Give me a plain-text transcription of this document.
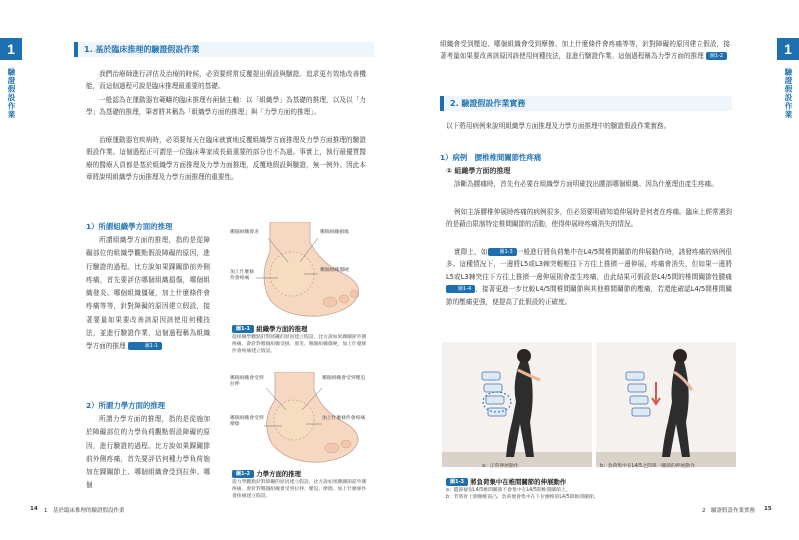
1
驗證假設作業
1. 基於臨床推理的驗證假設作業
我們治療師進行評估及治療的時候，必須要經常反覆提出假設與驗證。追求更有效地改善機能，而這個過程可說是臨床推理最重要的基礎。
一般認為在運動器官範疇的臨床推理有兩個主軸：以「組織學」為基礎的推理，以及以「力學」為基礎的推理，筆者將其稱為「組織學方面的推理」與「力學方面的推理」。
治療運動器官疾病時，必須要每天在臨床就實地反覆組織學方面推理及力學方面推理的驗證假設作業。這個過程正可謂是一位臨床專家成長最重要的部分也不為過。事實上，執行最優質醫療的醫療人員都是基於組織學方面推理及力學力面推理，反覆地假設與驗證，無一例外。因此本章將說明組織學方面推理及力學方面推理的重要性。
1）所謂組織學方面的推理
所謂組織學方面的推理，指的是從障礙部位的組織學觀點假設障礙的原因，進行驗證的過程。比方說如果踝關節前外側疼痛，首先要評估哪個組織損傷，哪個組織發炎、哪個組織僵硬，加上什麼條件會疼痛等等，針對障礙的原因建立假設，接著要量如果要改善該原因該使用何種技法，並進行驗證作業，這個過程稱為組織學方面的推理	圖1-1
2）所謂力學方面的推理
所謂力學方面的推理，指的是從施加於障礙部位的力學負荷觀點假設障礙的原因，進行驗證的過程。比方說如果踝關節前外側疼痛，首先要評估何種力學負荷施加在踝關節上、哪個組織會受到拉伸、哪個
哪個組織發炎	哪個組織損傷
加上什麼條件會疼痛
哪個組織僵硬
圖1-1 組織學方面的推理
從組織學觀點針對障礙的原因建立假設，比方說如果踝關節外側疼痛，會針對哪個組織受損、發炎、哪個組織僵硬，加上什麼條件會疼痛建立假設。
哪個組織會受到拉伸
哪個組織會受到壓迫
哪個組織會受到摩擦
加上什麼條件會疼痛
圖1-2 力學方面的推理
從力學觀點針對障礙的原因建立假設，比方說如果踝關節前外側疼痛，會針對哪個組織會受到拉伸、壓迫、摩擦，加上什麼條件會疼痛建立假設。
14 1　基於臨床推理的驗證假設作業
1
驗證假設作業
組織會受到壓迫、哪個組織會受到摩擦、加上什麼條件會疼痛等等，針對障礙的原因建立假設，接著考量如果要改善該原因該使用何種技法，並進行驗證作業。這個過程稱為力學方面的推理 圖1-2
2. 驗證假設作業實務
以下將用病例來說明組織學方面推理及力學方面推理中的驗證假設作業實務。
1）病例　腰椎椎間關節性疼痛
① 組織學方面的推理
診斷為腰痛時，首先有必要在組織學方面明確找出腰部哪個組織、因為什麼理由產生疼痛。
例如主訴腰椎伸展時疼痛的病例很多，但必須要明確知道伸展時是何者在疼痛。臨床上經常遇到的是藉由限制特定椎間關節的活動，使得伸展時疼痛消失的情況。
實際上，如 圖1-3 一般進行將負荷集中在L4/5間椎間關節的伸展動作時，誘發疼痛的病例很多。這種情況下，一邊將L5或L3棘突輕輕往下方往上推擠一邊伸展，疼痛會消失，但如果一邊將L5或L3棘突往下方往上推擠一邊伸展則會產生疼痛，由此結果可假設是L4/5間的椎間關節性腰痛圖1-4 ，接著更進一步比較L4/5間椎間關節與其他椎間關節的壓痛，若還能確認L4/5間椎間關節的壓痛更強，便提高了此假設的正確度。
a：正常伸展動作	b：負荷集中在L4/5之間單一關節的伸展動作
圖1-3 將負荷集中在椎間關節的伸展動作
a：鑑節疑似L4/5椎間關節不會集中在L4/5間椎間關節上。
b：若將骨上側腰椎前凸，負荷便會集中在下位腰椎的L4/5間椎間關節。
2　驗證假設作業實務 15
